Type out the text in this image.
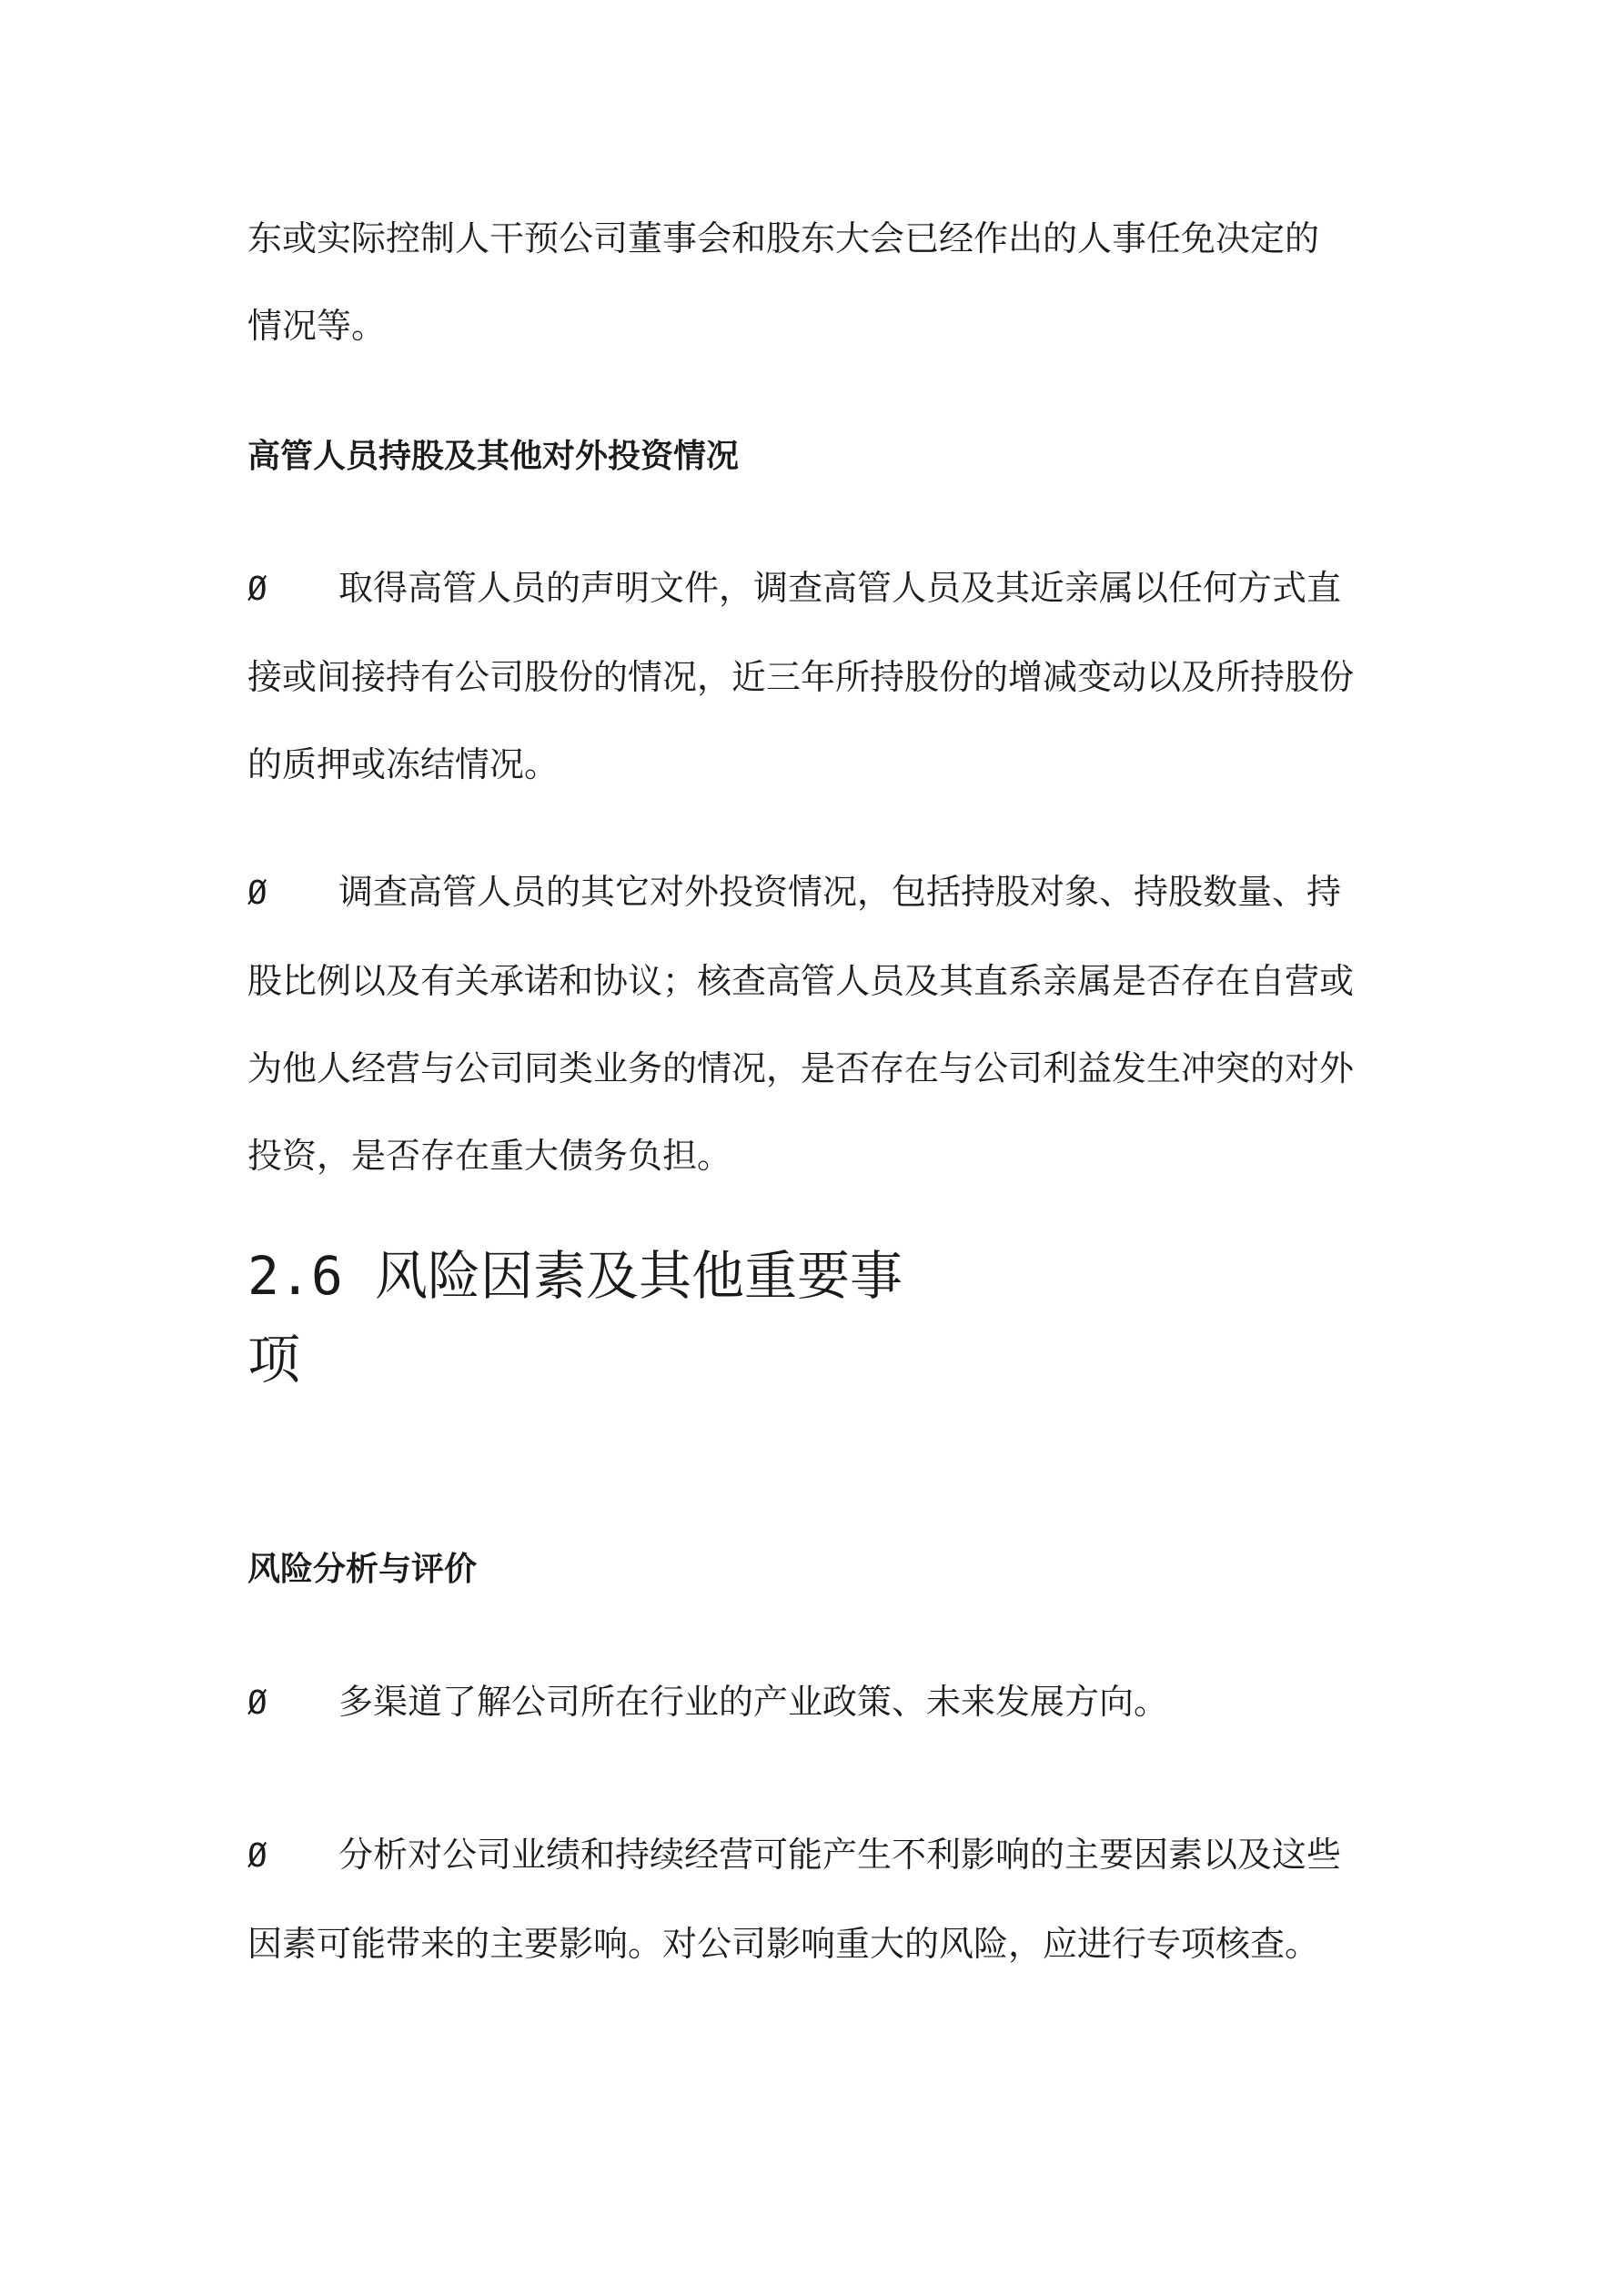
东或实际控制人干预公司董事会和股东大会已经作出的人事任免决定的
情况等。
高管人员持股及其他对外投资情况
Ø 取得高管人员的声明文件，调查高管人员及其近亲属以任何方式直
接或间接持有公司股份的情况，近三年所持股份的增减变动以及所持股份
的质押或冻结情况。
Ø 调查高管人员的其它对外投资情况，包括持股对象、持股数量、持
股比例以及有关承诺和协议；核查高管人员及其直系亲属是否存在自营或
为他人经营与公司同类业务的情况，是否存在与公司利益发生冲突的对外
投资，是否存在重大债务负担。
2.6 风险因素及其他重要事
项
风险分析与评价
Ø 多渠道了解公司所在行业的产业政策、未来发展方向。
Ø 分析对公司业绩和持续经营可能产生不利影响的主要因素以及这些
因素可能带来的主要影响。对公司影响重大的风险，应进行专项核查。
